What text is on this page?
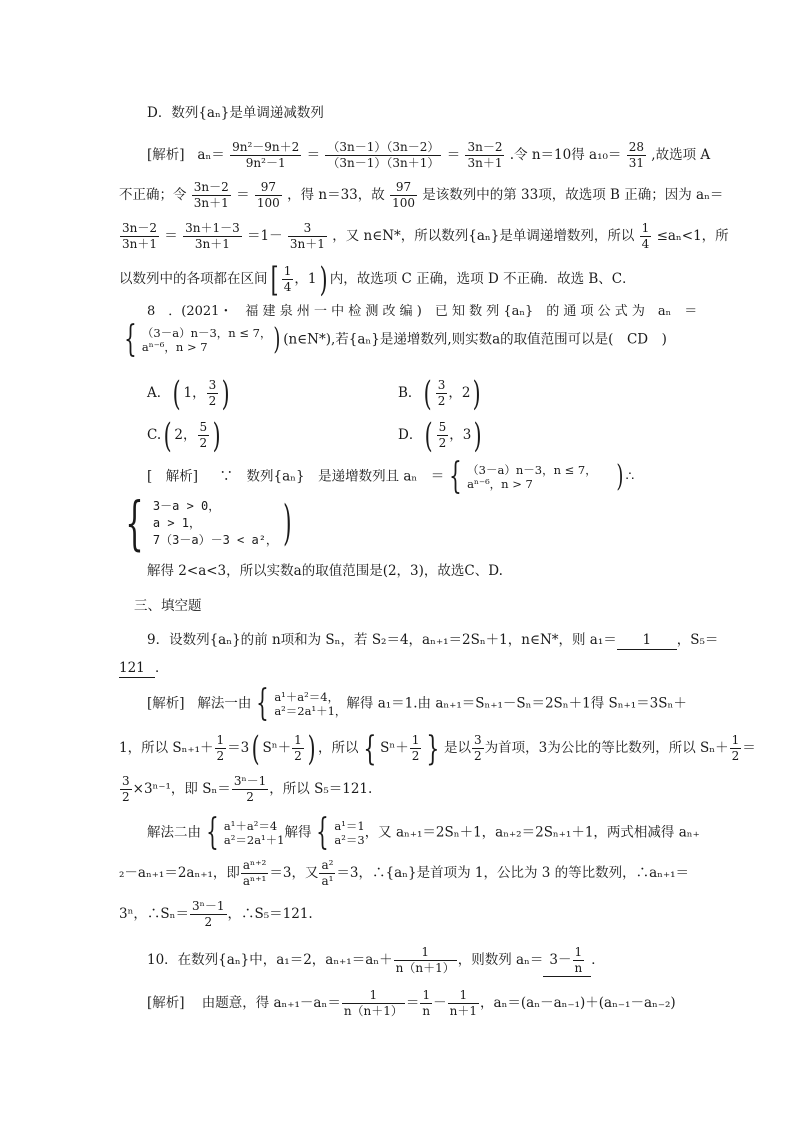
D．数列{aₙ}是单调递减数列
[解析] $a_n= \frac{\text{9n²－9n＋2}}{\text{9n²－1}} = \frac{(3n-1)(3n-2)}{(3n-1)(3n+1)} = \frac{3n-2}{3n+1}$ .令 n＝10得 $a_{10}= \frac{28}{31}$ ,故选项 A
不正确；令 $\frac{3n-2}{3n+1} = \frac{97}{100}$ ，得 n＝33，故 $\frac{97}{100}$ 是该数列中的第 33项，故选项 B 正确；因为 aₙ＝
$\frac{3n-2}{3n+1} = \frac{3n+1-3}{3n+1} =1- \frac{3}{3n+1}$ ，又 n∈N*，所以数列{aₙ}是单调递增数列，所以 $\frac{1}{4} \le a_n<1$，所
以数列中的各项都在区间[ $\frac{1}{4}$ ，1) 内，故选项 C 正确，选项 D 不正确．故选 B、C．
8　．(2021・　福 建 泉 州 一 中 检 测 改 编 )　已 知 数 列 {aₙ}　的 通 项 公 式 为　aₙ　＝
{ （3－a）n－3，n ≤ 7，
aⁿ⁻⁶，n > 7	) (n∈N*),若{aₙ}是递增数列,则实数a的取值范围可以是(　CD　)
A．( 1， $\frac{3}{2}$ )	B．( $\frac{3}{2}$ ，2)
C.( 2， $\frac{5}{2}$ )	D．( $\frac{5}{2}$ ，3)
[　解析] ∵　数列{aₙ}　是递增数列且 aₙ　＝ { （3－a）n－3，n ≤ 7，
aⁿ⁻⁶，n > 7	) ∴
{ 3－a > 0，
a > 1，
7（3－a）－3 < a²， )
解得 2<a<3，所以实数a的取值范围是(2，3)，故选C、D.
三、填空题
9．设数列{aₙ}的前 n项和为 Sₙ，若 S₂＝4，aₙ₊₁＝2Sₙ＋1，n∈N*，则 a₁＝ 1 ，S₅＝
121 ．
[解析] 解法一由 { a¹＋a²＝4，
a²＝2a¹＋1， 解得 a₁＝1.由 aₙ₊₁＝Sₙ₊₁－Sₙ＝2Sₙ＋1得 Sₙ₊₁＝3Sₙ＋
1，所以 $S_{n+1}+ \frac{1}{2} =3$( $S^n+ \frac{1}{2}$ ) ，所以 { $S^n+ \frac{1}{2}$ } 是以 $\frac{3}{2}$ 为首项，3为公比的等比数列，所以 $S_n+ \frac{1}{2}$ ＝
$\frac{3}{2} \times 3^{n-1}$，即 $S_n= \frac{\text{3ⁿ－1}}{2}$ ，所以 S₅＝121.
解法二由 { a¹＋a²＝4
a²＝2a¹＋1 解得 { a¹＝1
a²＝3 ，又 aₙ₊₁＝2Sₙ＋1，aₙ₊₂＝2Sₙ₊₁＋1，两式相减得 aₙ₊
₂－aₙ₊₁＝2aₙ₊₁，即 $\frac{\text{aⁿ⁺²}}{\text{aⁿ⁺¹}} =3$，又 $\frac{\text{a²}}{\text{a¹}} =3$，∴{aₙ}是首项为 1，公比为 3 的等比数列，∴aₙ₊₁＝
3ⁿ，∴Sₙ＝ $\frac{\text{3ⁿ－1}}{2}$ ，∴S₅＝121.
10．在数列{aₙ}中，a₁＝2，$a_{n+1}=a_n+ \frac{1}{n(n+1)}$ ，则数列 $a_n= 3- \frac{1}{n}$ ．
[解析] 由题意，得 $a_{n+1}-a_n= \frac{1}{n(n+1)} = \frac{1}{n} - \frac{1}{n+1}$ ，aₙ＝(aₙ－aₙ₋₁)＋(aₙ₋₁－aₙ₋₂)
